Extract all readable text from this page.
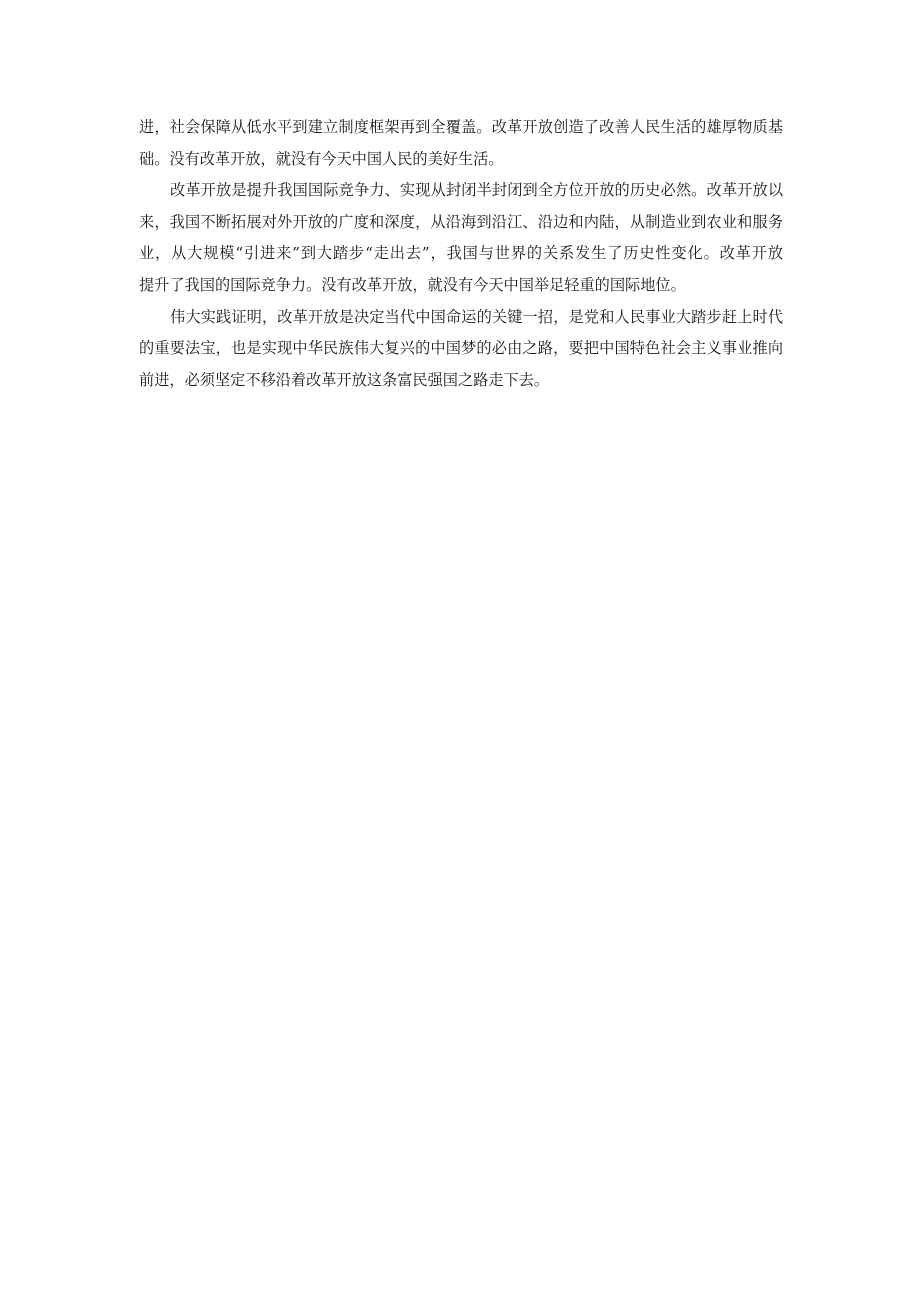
进，社会保障从低水平到建立制度框架再到全覆盖。改革开放创造了改善人民生活的雄厚物质基
础。没有改革开放，就没有今天中国人民的美好生活。
改革开放是提升我国国际竞争力、实现从封闭半封闭到全方位开放的历史必然。改革开放以
来，我国不断拓展对外开放的广度和深度，从沿海到沿江、沿边和内陆，从制造业到农业和服务
业，从大规模“引进来”到大踏步“走出去”，我国与世界的关系发生了历史性变化。改革开放
提升了我国的国际竞争力。没有改革开放，就没有今天中国举足轻重的国际地位。
伟大实践证明，改革开放是决定当代中国命运的关键一招，是党和人民事业大踏步赶上时代
的重要法宝，也是实现中华民族伟大复兴的中国梦的必由之路，要把中国特色社会主义事业推向
前进，必须坚定不移沿着改革开放这条富民强国之路走下去。
